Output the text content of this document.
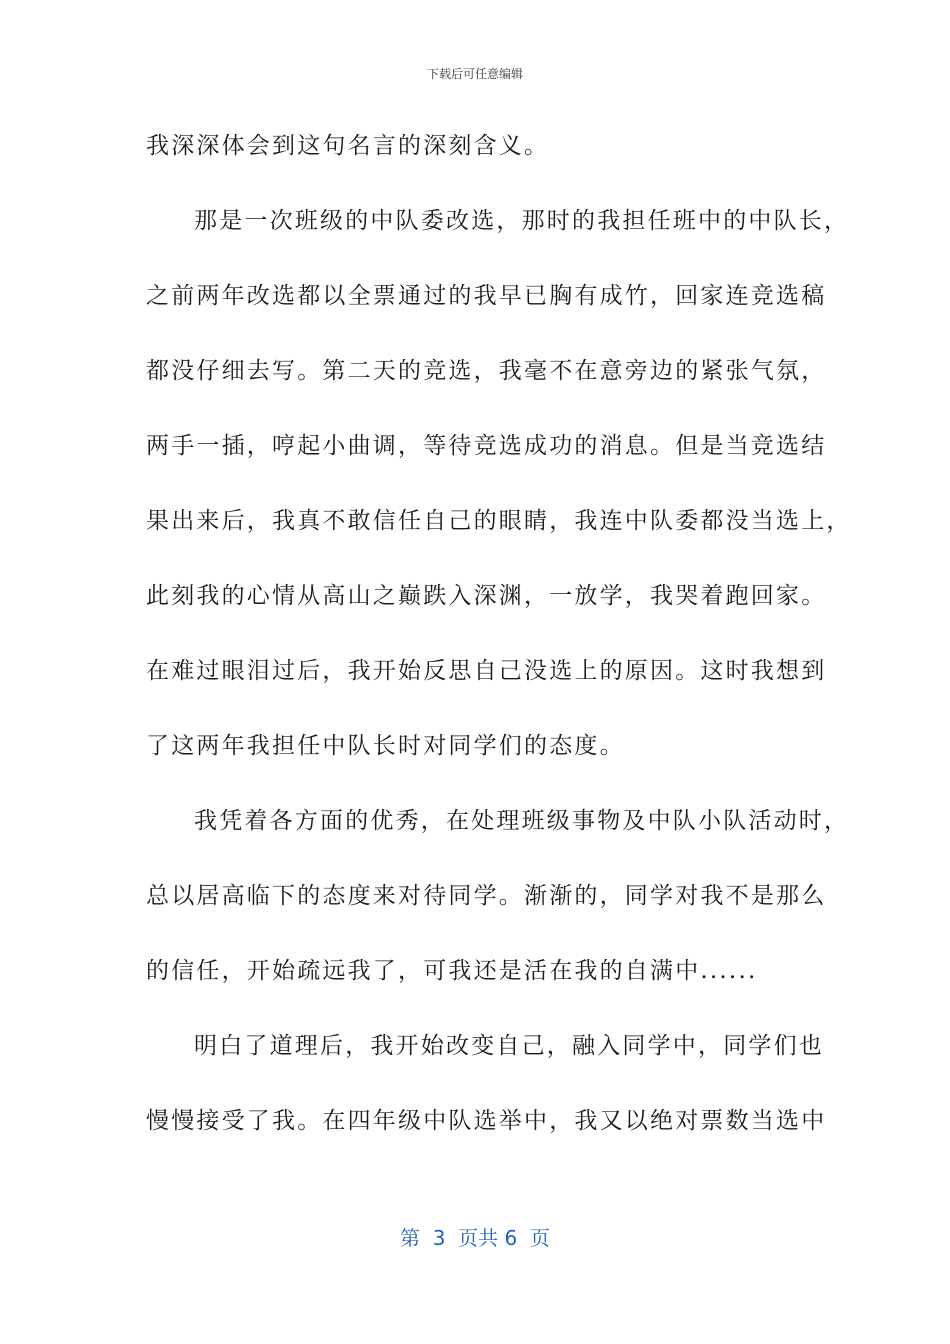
下载后可任意编辑
我深深体会到这句名言的深刻含义。
那是一次班级的中队委改选，那时的我担任班中的中队长，
之前两年改选都以全票通过的我早已胸有成竹，回家连竞选稿
都没仔细去写。第二天的竞选，我毫不在意旁边的紧张气氛，
两手一插，哼起小曲调，等待竞选成功的消息。但是当竞选结
果出来后，我真不敢信任自己的眼睛，我连中队委都没当选上，
此刻我的心情从高山之巅跌入深渊，一放学，我哭着跑回家。
在难过眼泪过后，我开始反思自己没选上的原因。这时我想到
了这两年我担任中队长时对同学们的态度。
我凭着各方面的优秀，在处理班级事物及中队小队活动时，
总以居高临下的态度来对待同学。渐渐的，同学对我不是那么
的信任，开始疏远我了，可我还是活在我的自满中......
明白了道理后，我开始改变自己，融入同学中，同学们也
慢慢接受了我。在四年级中队选举中，我又以绝对票数当选中
第  3  页共 6  页
